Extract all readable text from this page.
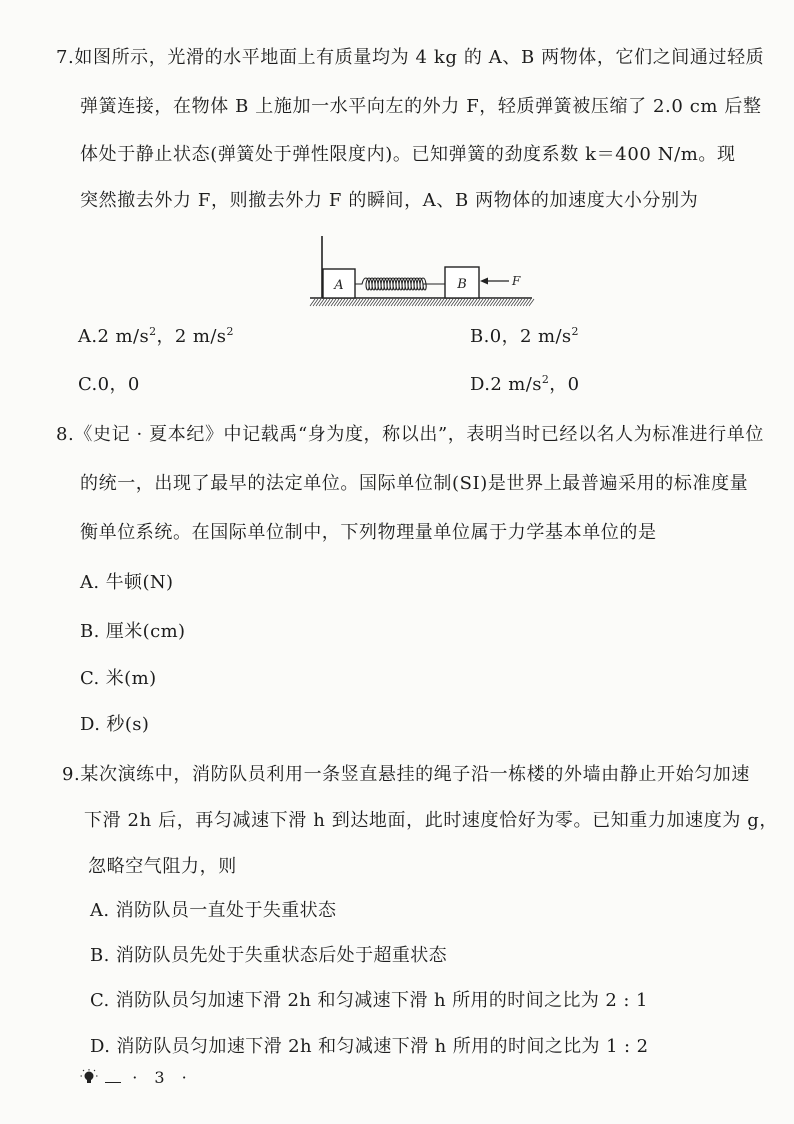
7.如图所示，光滑的水平地面上有质量均为 4 kg 的 A、B 两物体，它们之间通过轻质
弹簧连接，在物体 B 上施加一水平向左的外力 F，轻质弹簧被压缩了 2.0 cm 后整
体处于静止状态(弹簧处于弹性限度内)。已知弹簧的劲度系数 k＝400 N/m。现
突然撤去外力 F，则撤去外力 F 的瞬间，A、B 两物体的加速度大小分别为
A	B	F
A.2 $m/s^2$，2 $m/s^2$	B.0，2 $m/s^2$
C.0，0	D.2 $m/s^2$，0
8.《史记 · 夏本纪》中记载禹“身为度，称以出”，表明当时已经以名人为标准进行单位
的统一，出现了最早的法定单位。国际单位制(SI)是世界上最普遍采用的标准度量
衡单位系统。在国际单位制中，下列物理量单位属于力学基本单位的是
A. 牛顿(N)
B. 厘米(cm)
C. 米(m)
D. 秒(s)
9.某次演练中，消防队员利用一条竖直悬挂的绳子沿一栋楼的外墙由静止开始匀加速
下滑 2h 后，再匀减速下滑 h 到达地面，此时速度恰好为零。已知重力加速度为 g，
忽略空气阻力，则
A. 消防队员一直处于失重状态
B. 消防队员先处于失重状态后处于超重状态
C. 消防队员匀加速下滑 2h 和匀减速下滑 h 所用的时间之比为 2 : 1
D. 消防队员匀加速下滑 2h 和匀减速下滑 h 所用的时间之比为 1 : 2
· 3 ·
